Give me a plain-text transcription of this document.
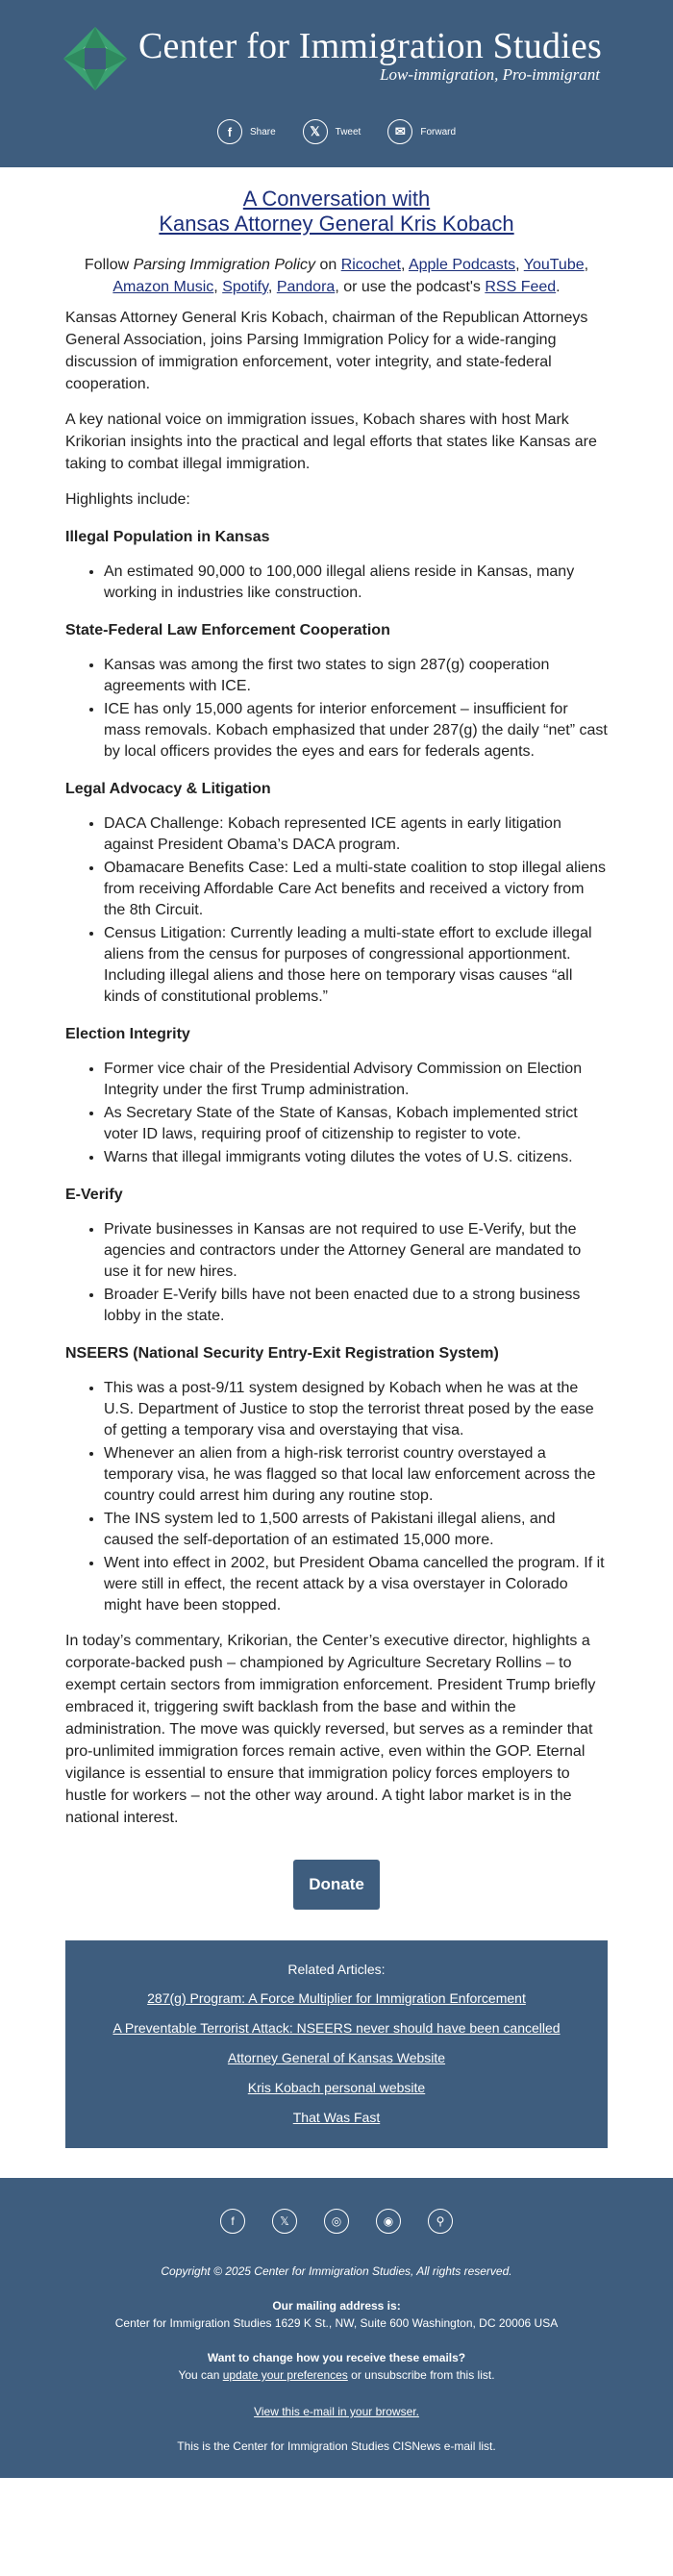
Center for Immigration Studies
Low-immigration, Pro-immigrant
f	Share	𝕏	Tweet	✉	Forward
A Conversation with
Kansas Attorney General Kris Kobach
Follow Parsing Immigration Policy on Ricochet, Apple Podcasts, YouTube, Amazon Music, Spotify, Pandora, or use the podcast's RSS Feed.

Kansas Attorney General Kris Kobach, chairman of the Republican Attorneys General Association, joins Parsing Immigration Policy for a wide-ranging discussion of immigration enforcement, voter integrity, and state-federal cooperation.

A key national voice on immigration issues, Kobach shares with host Mark Krikorian insights into the practical and legal efforts that states like Kansas are taking to combat illegal immigration.

Highlights include:

Illegal Population in Kansas
• An estimated 90,000 to 100,000 illegal aliens reside in Kansas, many working in industries like construction.
State-Federal Law Enforcement Cooperation
• Kansas was among the first two states to sign 287(g) cooperation agreements with ICE.
• ICE has only 15,000 agents for interior enforcement – insufficient for mass removals. Kobach emphasized that under 287(g) the daily “net” cast by local officers provides the eyes and ears for federals agents.
Legal Advocacy & Litigation
• DACA Challenge: Kobach represented ICE agents in early litigation against President Obama’s DACA program.
• Obamacare Benefits Case: Led a multi-state coalition to stop illegal aliens from receiving Affordable Care Act benefits and received a victory from the 8th Circuit.
• Census Litigation: Currently leading a multi-state effort to exclude illegal aliens from the census for purposes of congressional apportionment. Including illegal aliens and those here on temporary visas causes “all kinds of constitutional problems.”
Election Integrity
• Former vice chair of the Presidential Advisory Commission on Election Integrity under the first Trump administration.
• As Secretary State of the State of Kansas, Kobach implemented strict voter ID laws, requiring proof of citizenship to register to vote.
• Warns that illegal immigrants voting dilutes the votes of U.S. citizens.
E-Verify
• Private businesses in Kansas are not required to use E-Verify, but the agencies and contractors under the Attorney General are mandated to use it for new hires.
• Broader E-Verify bills have not been enacted due to a strong business lobby in the state.
NSEERS (National Security Entry-Exit Registration System)
• This was a post-9/11 system designed by Kobach when he was at the U.S. Department of Justice to stop the terrorist threat posed by the ease of getting a temporary visa and overstaying that visa.
• Whenever an alien from a high-risk terrorist country overstayed a temporary visa, he was flagged so that local law enforcement across the country could arrest him during any routine stop.
• The INS system led to 1,500 arrests of Pakistani illegal aliens, and caused the self-deportation of an estimated 15,000 more.
• Went into effect in 2002, but President Obama cancelled the program. If it were still in effect, the recent attack by a visa overstayer in Colorado might have been stopped.

In today’s commentary, Krikorian, the Center’s executive director, highlights a corporate-backed push – championed by Agriculture Secretary Rollins – to exempt certain sectors from immigration enforcement. President Trump briefly embraced it, triggering swift backlash from the base and within the administration. The move was quickly reversed, but serves as a reminder that pro-unlimited immigration forces remain active, even within the GOP. Eternal vigilance is essential to ensure that immigration policy forces employers to hustle for workers – not the other way around. A tight labor market is in the national interest.

Donate
Related Articles:
287(g) Program: A Force Multiplier for Immigration Enforcement
A Preventable Terrorist Attack: NSEERS never should have been cancelled
Attorney General of Kansas Website
Kris Kobach personal website
That Was Fast
f	𝕏	◎	◉	⚲
Copyright © 2025 Center for Immigration Studies, All rights reserved.
Our mailing address is:
Center for Immigration Studies 1629 K St., NW, Suite 600 Washington, DC 20006 USA
Want to change how you receive these emails?
You can update your preferences or unsubscribe from this list.
View this e-mail in your browser.
This is the Center for Immigration Studies CISNews e-mail list.
